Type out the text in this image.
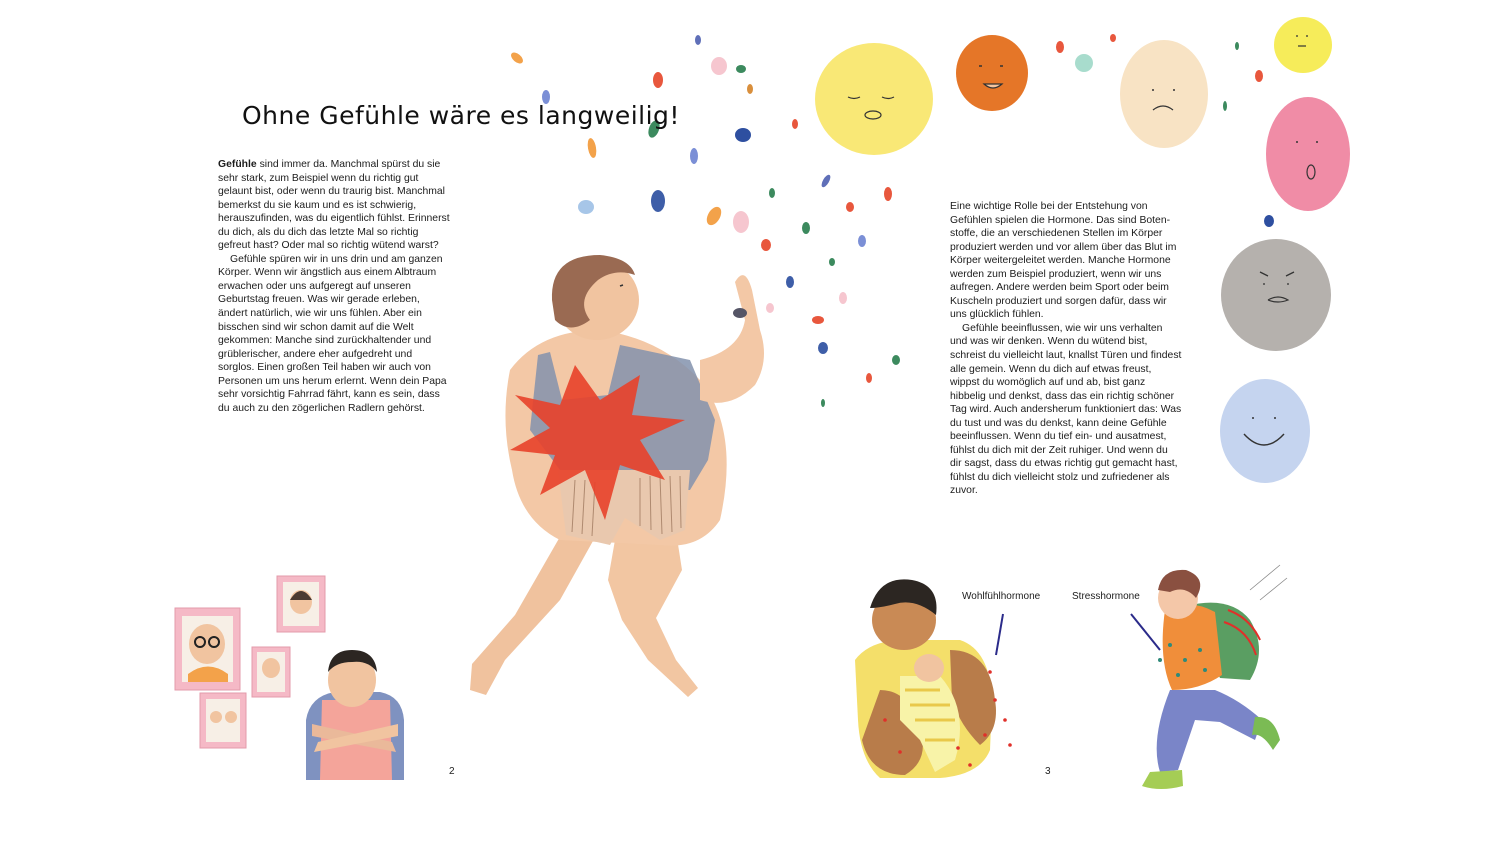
Ohne Gefühle wäre es langweilig!

Gefühle sind immer da. Manchmal spürst du sie sehr stark, zum Beispiel wenn du richtig gut gelaunt bist, oder wenn du traurig bist. Manchmal bemerkst du sie kaum und es ist schwierig, herauszufinden, was du eigentlich fühlst. Erinnerst du dich, als du dich das letzte Mal so richtig gefreut hast? Oder mal so richtig wütend warst?

Gefühle spüren wir in uns drin und am ganzen Körper. Wenn wir ängstlich aus einem Albtraum erwachen oder uns aufgeregt auf unseren Geburtstag freuen. Was wir gerade erleben, ändert natürlich, wie wir uns fühlen. Aber ein bisschen sind wir schon damit auf die Welt gekommen: Manche sind zurückhaltender und grüblerischer, andere eher aufgedreht und sorglos. Einen großen Teil haben wir auch von Personen um uns herum erlernt. Wenn dein Papa sehr vorsichtig Fahrrad fährt, kann es sein, dass du auch zu den zögerlichen Radlern gehörst.

Eine wichtige Rolle bei der Entstehung von Gefühlen spielen die Hormone. Das sind Boten-stoffe, die an verschiedenen Stellen im Körper produziert werden und vor allem über das Blut im Körper weitergeleitet werden. Manche Hormone werden zum Beispiel produziert, wenn wir uns aufregen. Andere werden beim Sport oder beim Kuscheln produziert und sorgen dafür, dass wir uns glücklich fühlen.

Gefühle beeinflussen, wie wir uns verhalten und was wir denken. Wenn du wütend bist, schreist du vielleicht laut, knallst Türen und findest alle gemein. Wenn du dich auf etwas freust, wippst du womöglich auf und ab, bist ganz hibbelig und denkst, dass das ein richtig schöner Tag wird. Auch andersherum funktioniert das: Was du tust und was du denkst, kann deine Gefühle beeinflussen. Wenn du tief ein- und ausatmest, fühlst du dich mit der Zeit ruhiger. Und wenn du dir sagst, dass du etwas richtig gut gemacht hast, fühlst du dich vielleicht stolz und zufriedener als zuvor.

Wohlfühlhormone	Stresshormone
2	3
